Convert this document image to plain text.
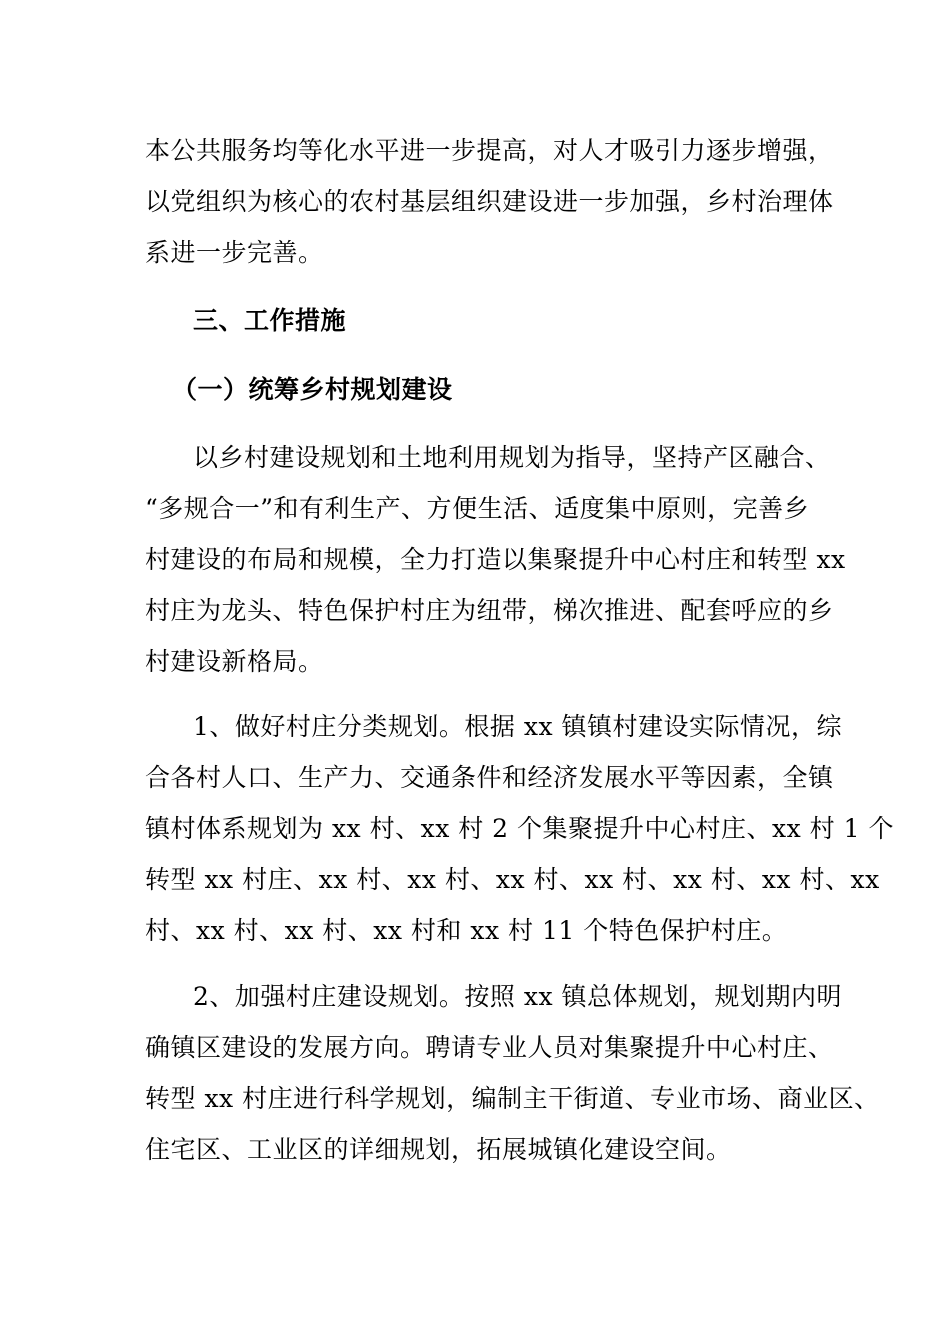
本公共服务均等化水平进一步提高，对人才吸引力逐步增强，
以党组织为核心的农村基层组织建设进一步加强，乡村治理体
系进一步完善。
三、工作措施
（一）统筹乡村规划建设
以乡村建设规划和土地利用规划为指导，坚持产区融合、
“多规合一”和有利生产、方便生活、适度集中原则，完善乡
村建设的布局和规模，全力打造以集聚提升中心村庄和转型 xx
村庄为龙头、特色保护村庄为纽带，梯次推进、配套呼应的乡
村建设新格局。
1、做好村庄分类规划。根据 xx 镇镇村建设实际情况，综
合各村人口、生产力、交通条件和经济发展水平等因素，全镇
镇村体系规划为 xx 村、xx 村 2 个集聚提升中心村庄、xx 村 1 个
转型 xx 村庄、xx 村、xx 村、xx 村、xx 村、xx 村、xx 村、xx
村、xx 村、xx 村、xx 村和 xx 村 11 个特色保护村庄。
2、加强村庄建设规划。按照 xx 镇总体规划，规划期内明
确镇区建设的发展方向。聘请专业人员对集聚提升中心村庄、
转型 xx 村庄进行科学规划，编制主干街道、专业市场、商业区、
住宅区、工业区的详细规划，拓展城镇化建设空间。
